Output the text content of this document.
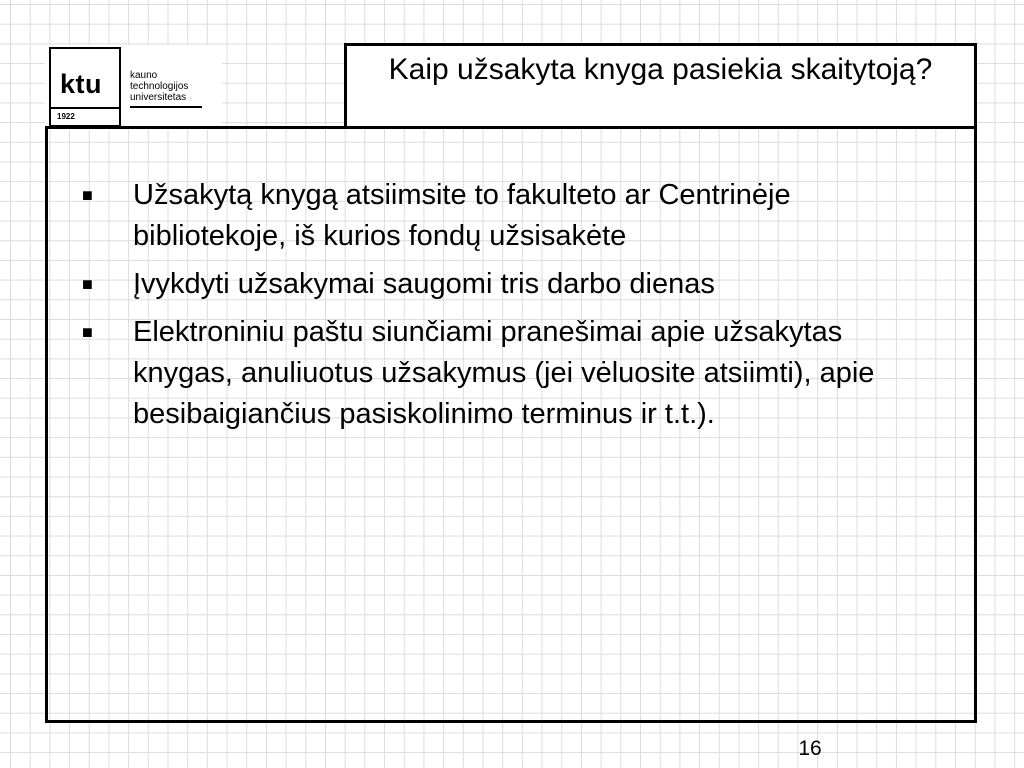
ktu
1922
kauno
technologijos
universitetas
Kaip užsakyta knyga pasiekia skaitytoją?
■ Užsakytą knygą atsiimsite to fakulteto ar Centrinėje bibliotekoje, iš kurios fondų užsisakėte
■ Įvykdyti užsakymai saugomi tris darbo dienas
■ Elektroniniu paštu siunčiami pranešimai apie užsakytas knygas, anuliuotus užsakymus (jei vėluosite atsiimti), apie besibaigiančius pasiskolinimo terminus ir t.t.).
16
